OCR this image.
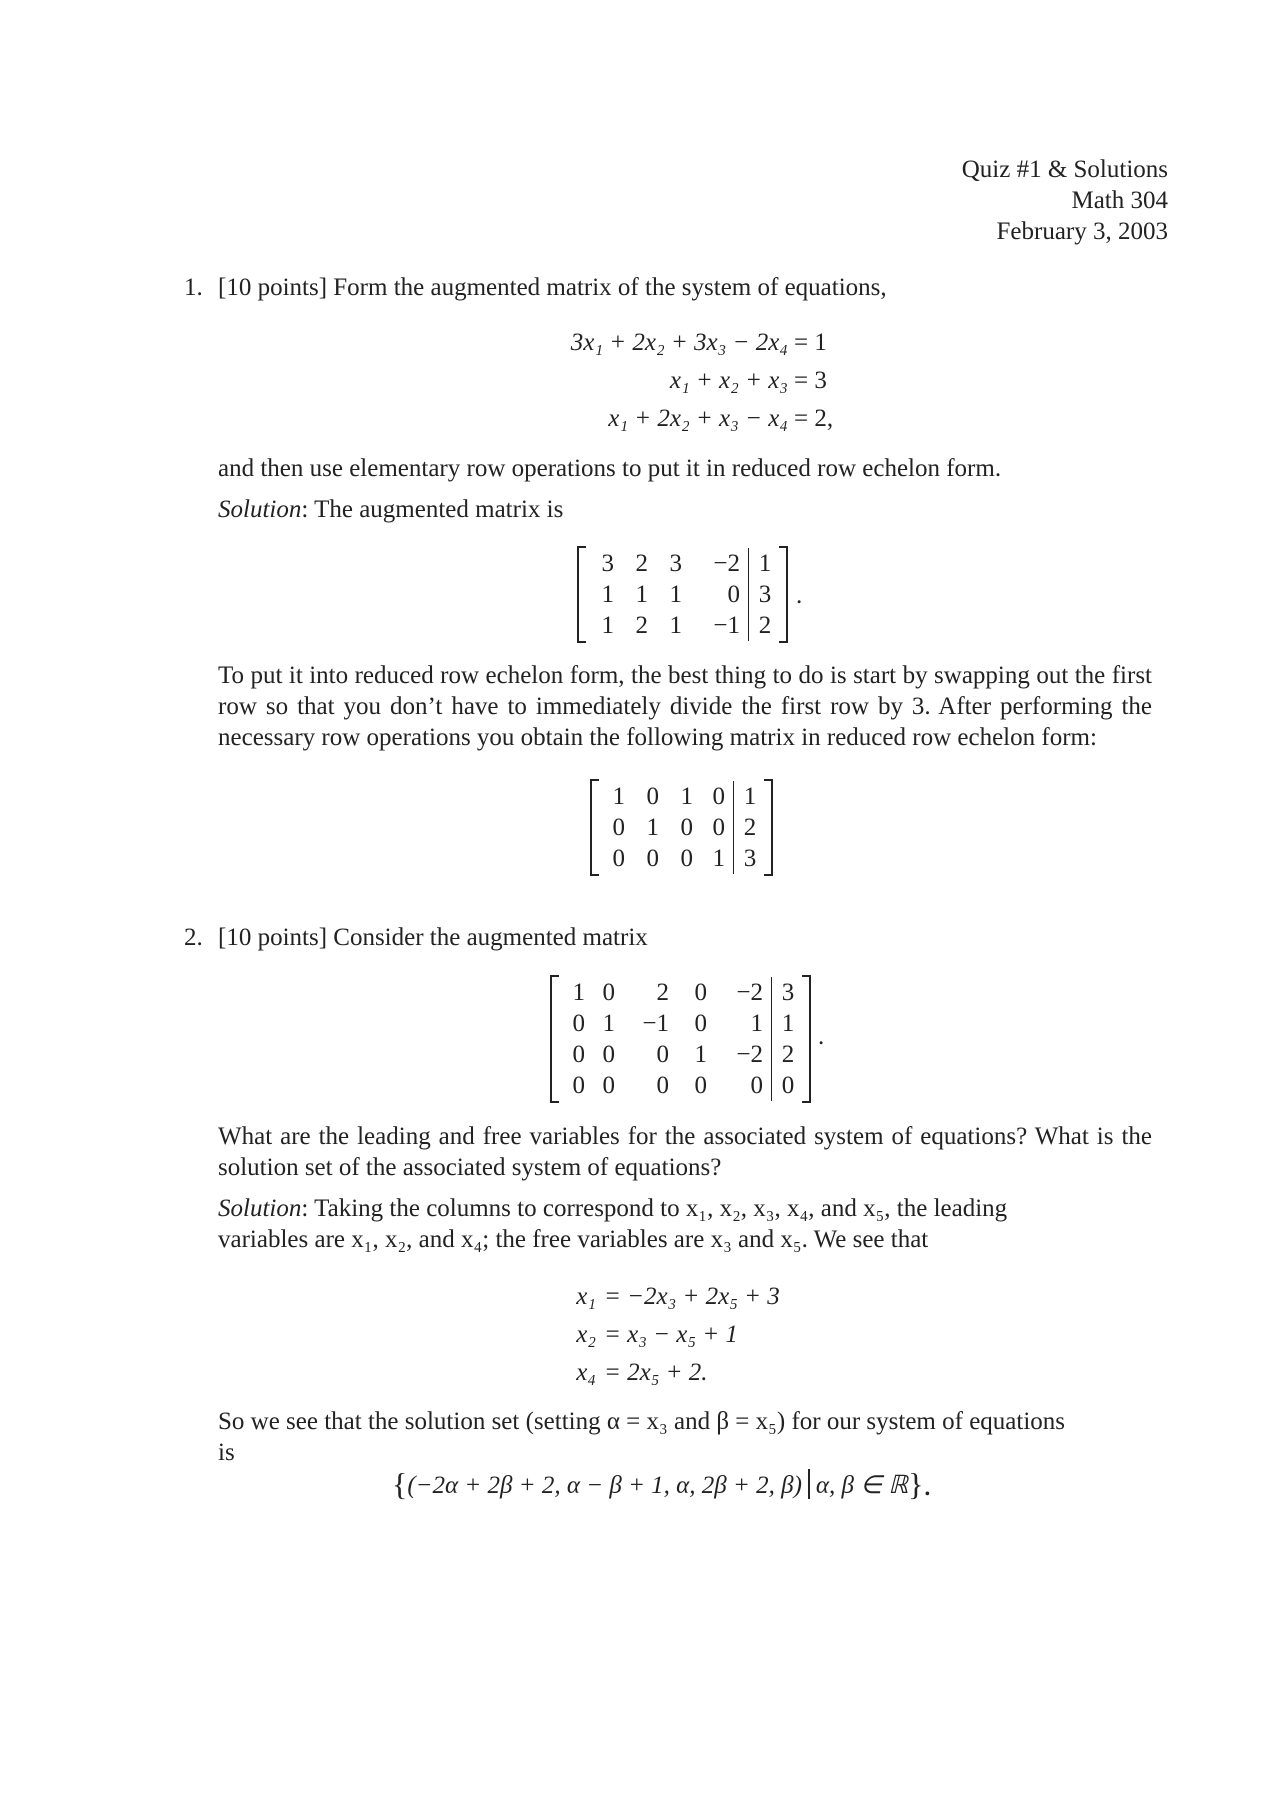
Quiz #1 & Solutions
Math 304
February 3, 2003
1. [10 points] Form the augmented matrix of the system of equations,
3x₁ + 2x₂ + 3x₃ − 2x₄ = 1
x₁ + x₂ + x₃ = 3
x₁ + 2x₂ + x₃ − x₄ = 2,
and then use elementary row operations to put it in reduced row echelon form.
Solution: The augmented matrix is
3
1
1
2
1
2
3
1
1
−2
0
−1
1
3
2
.
To put it into reduced row echelon form, the best thing to do is start by swapping out the first row so that you don’t have to immediately divide the first row by 3. After performing the necessary row operations you obtain the following matrix in reduced row echelon form:
1
0
0
0
1
0
1
0
0
0
0
1
1
2
3
2. [10 points] Consider the augmented matrix
1
0
0
0
0
1
0
0
2
−1
0
0
0
0
1
0
−2
1
−2
0
3
1
2
0
.
What are the leading and free variables for the associated system of equations? What is the solution set of the associated system of equations?
Solution: Taking the columns to correspond to x₁, x₂, x₃, x₄, and x₅, the leading
variables are x₁, x₂, and x₄; the free variables are x₃ and x₅. We see that
x₁ = −2x₃ + 2x₅ + 3
x₂ = x₃ − x₅ + 1
x₄ = 2x₅ + 2.
So we see that the solution set (setting α = x₃ and β = x₅) for our system of equations
is
{(−2α + 2β + 2, α − β + 1, α, 2β + 2, β) α, β ∈ ℝ}.
